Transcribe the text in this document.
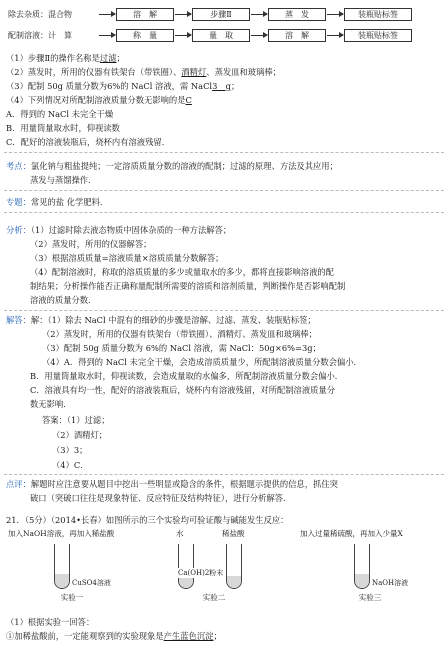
除去杂质：混合物	溶　解	步骤Ⅱ	蒸　发	装瓶贴标签
配制溶液：计　算	称　量	量　取	溶　解	装瓶贴标签
（1）步骤Ⅱ的操作名称是过滤；
（2）蒸发时，所用的仪器有铁架台（带铁圈）、酒精灯、蒸发皿和玻璃棒；
（3）配制 50g 质量分数为6%的 NaCl 溶液，需 NaCl3　g；
（4）下列情况对所配制溶液质量分数无影响的是C
A．得到的 NaCl 未完全干燥
B．用量筒量取水时，仰视读数
C．配好的溶液装瓶后，烧杯内有溶液残留．
考点：氯化钠与粗盐提纯；一定溶质质量分数的溶液的配制；过滤的原理、方法及其应用；
蒸发与蒸馏操作．
专题：常见的盐 化学肥料．
分析：（1）过滤时除去液态物质中固体杂质的一种方法解答；
（2）蒸发时，所用的仪器解答；
（3）根据溶质质量=溶液质量×溶质质量分数解答；
（4）配制溶液时，称取的溶质质量的多少或量取水的多少，都将直接影响溶液的配
制结果；分析操作能否正确称量配制所需要的溶质和溶剂质量，判断操作是否影响配制
溶液的质量分数．
解答：解：（1）除去 NaCl 中混有的细砂的步骤是溶解、过滤、蒸发、装瓶贴标签；
（2）蒸发时，所用的仪器有铁架台（带铁圈）、酒精灯、蒸发皿和玻璃棒；
（3）配制 50g 质量分数为 6%的 NaCl 溶液，需 NaCl：50g×6%=3g；
（4）A．得到的 NaCl 未完全干燥，会造成溶质质量少，所配制溶液质量分数会偏小．
B．用量筒量取水时，仰视读数，会造成量取的水偏多，所配制溶液质量分数会偏小．
C．溶液具有均一性，配好的溶液装瓶后，烧杯内有溶液残留，对所配制溶液质量分
数无影响．
答案：（1）过滤；
（2）酒精灯；
（3）3；
（4）C．
点评：解题时应注意要从题目中挖出一些明显或隐含的条件，根据题示提供的信息，抓住突
破口（突破口往往是现象特征、反应特征及结构特征），进行分析解答．
21．（5分）（2014•长春）如图所示的三个实验均可验证酸与碱能发生反应：
加入NaOH溶液，再加入稀盐酸
CuSO4溶液
实验一
水	稀盐酸
Ca(OH)2粉末
实验二
加入过量稀硫酸，再加入少量X
NaOH溶液
实验三
（1）根据实验一回答：
①加稀盐酸前，一定能观察到的实验现象是产生蓝色沉淀；
